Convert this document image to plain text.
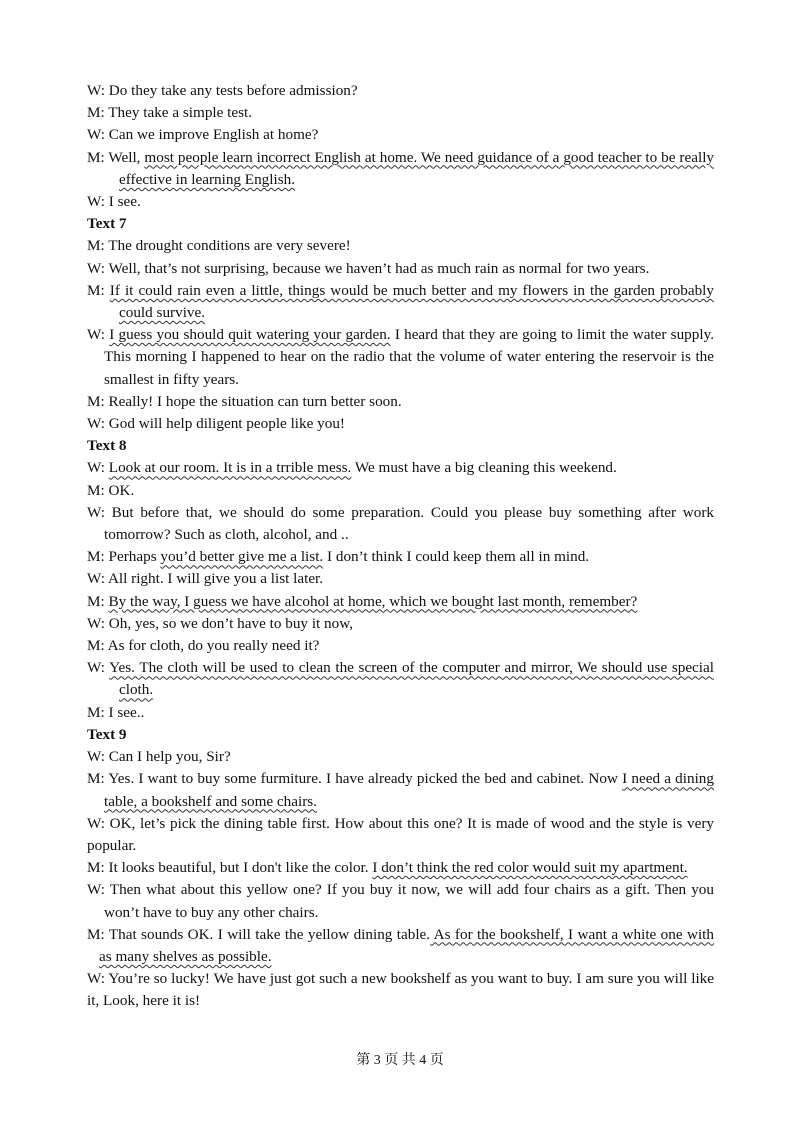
W: Do they take any tests before admission?

M: They take a simple test.

W: Can we improve English at home?

M: Well, most people learn incorrect English at home. We need guidance of a good teacher to be really effective in learning English.

W: I see.

Text 7

M: The drought conditions are very severe!

W: Well, that’s not surprising, because we haven’t had as much rain as normal for two years.

M: If it could rain even a little, things would be much better and my flowers in the garden probably could survive.

W: I guess you should quit watering your garden. I heard that they are going to limit the water supply. This morning I happened to hear on the radio that the volume of water entering the reservoir is the smallest in fifty years.

M: Really! I hope the situation can turn better soon.

W: God will help diligent people like you!

Text 8

W: Look at our room. It is in a trrible mess. We must have a big cleaning this weekend.

M: OK.

W: But before that, we should do some preparation. Could you please buy something after work tomorrow? Such as cloth, alcohol, and ..

M: Perhaps you’d better give me a list. I don’t think I could keep them all in mind.

W: All right. I will give you a list later.

M: By the way, I guess we have alcohol at home, which we bought last month, remember?

W: Oh, yes, so we don’t have to buy it now,

M: As for cloth, do you really need it?

W: Yes. The cloth will be used to clean the screen of the computer and mirror, We should use special cloth.

M: I see..

Text 9

W: Can I help you, Sir?

M: Yes. I want to buy some furmiture. I have already picked the bed and cabinet. Now I need a dining table, a bookshelf and some chairs.

W: OK, let’s pick the dining table first. How about this one? It is made of wood and the style is very popular.

M: It looks beautiful, but I don't like the color. I don’t think the red color would suit my apartment.

W: Then what about this yellow one? If you buy it now, we will add four chairs as a gift. Then you won’t have to buy any other chairs.

M: That sounds OK. I will take the yellow dining table. As for the bookshelf, I want a white one with as many shelves as possible.

W: You’re so lucky! We have just got such a new bookshelf as you want to buy. I am sure you will like it, Look, here it is!

第 3 页 共 4 页
